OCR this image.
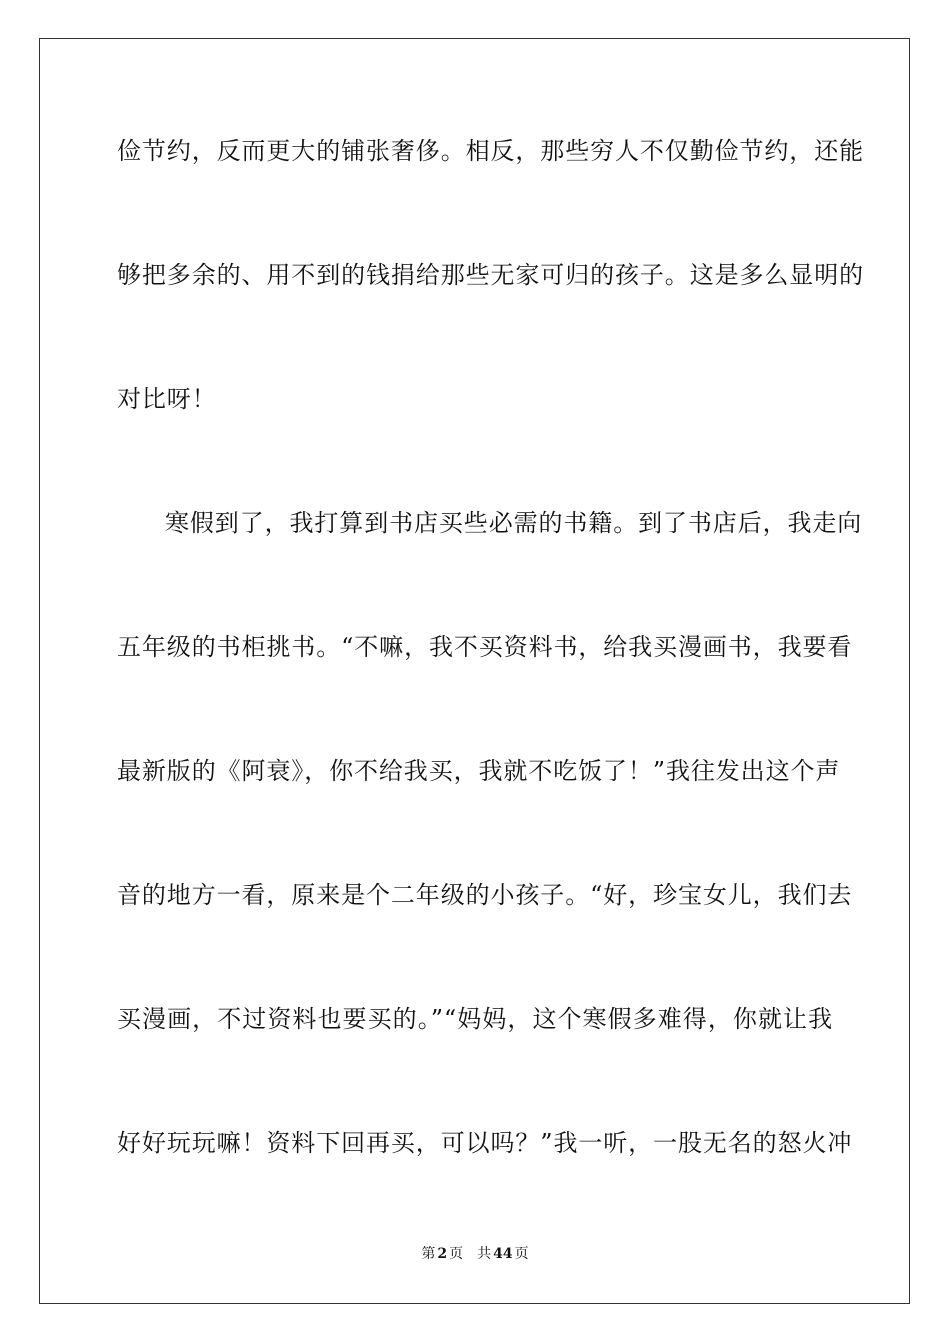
俭节约，反而更大的铺张奢侈。相反，那些穷人不仅勤俭节约，还能
够把多余的、用不到的钱捐给那些无家可归的孩子。这是多么显明的
对比呀！
寒假到了，我打算到书店买些必需的书籍。到了书店后，我走向
五年级的书柜挑书。“不嘛，我不买资料书，给我买漫画书，我要看
最新版的《阿衰》，你不给我买，我就不吃饭了！”我往发出这个声
音的地方一看，原来是个二年级的小孩子。“好，珍宝女儿，我们去
买漫画，不过资料也要买的。”“妈妈，这个寒假多难得，你就让我
好好玩玩嘛！资料下回再买，可以吗？”我一听，一股无名的怒火冲
第 2 页 共 44 页
